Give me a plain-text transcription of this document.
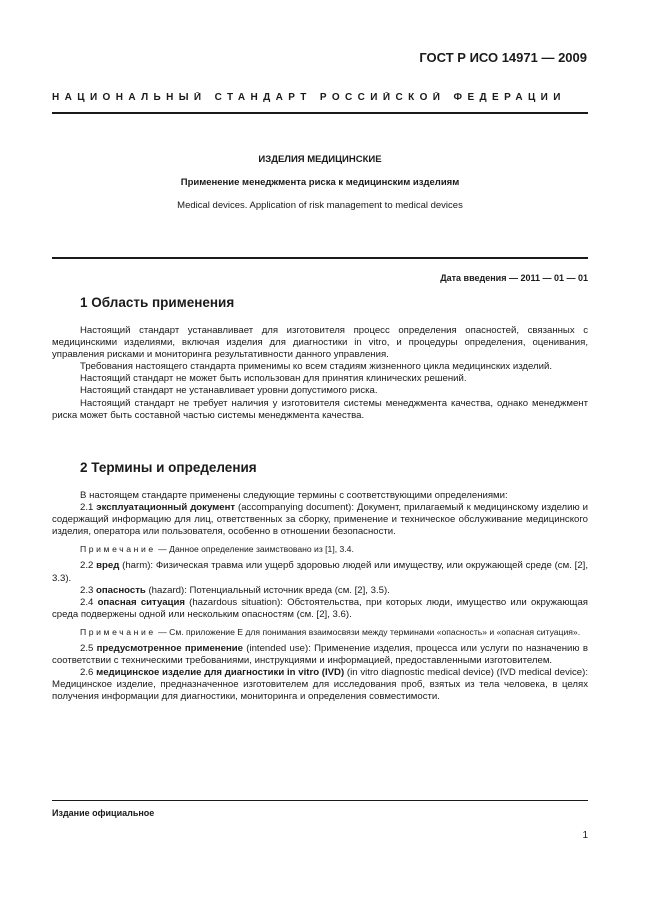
ГОСТ Р ИСО 14971 — 2009
НАЦИОНАЛЬНЫЙ СТАНДАРТ РОССИЙСКОЙ ФЕДЕРАЦИИ
ИЗДЕЛИЯ МЕДИЦИНСКИЕ
Применение менеджмента риска к медицинским изделиям
Medical devices. Application of risk management to medical devices
Дата введения — 2011 — 01 — 01
1 Область применения

Настоящий стандарт устанавливает для изготовителя процесс определения опасностей, связанных с медицинскими изделиями, включая изделия для диагностики in vitro, и процедуры определения, оценивания, управления рисками и мониторинга результативности данного управления.

Требования настоящего стандарта применимы ко всем стадиям жизненного цикла медицинских изделий.

Настоящий стандарт не может быть использован для принятия клинических решений.

Настоящий стандарт не устанавливает уровни допустимого риска.

Настоящий стандарт не требует наличия у изготовителя системы менеджмента качества, однако менеджмент риска может быть составной частью системы менеджмента качества.

2 Термины и определения

В настоящем стандарте применены следующие термины с соответствующими определениями:

2.1 эксплуатационный документ (accompanying document): Документ, прилагаемый к медицинскому изделию и содержащий информацию для лиц, ответственных за сборку, применение и техническое обслуживание медицинского изделия, оператора или пользователя, особенно в отношении безопасности.

Примечание — Данное определение заимствовано из [1], 3.4.

2.2 вред (harm): Физическая травма или ущерб здоровью людей или имуществу, или окружающей среде (см. [2], 3.3).

2.3 опасность (hazard): Потенциальный источник вреда (см. [2], 3.5).

2.4 опасная ситуация (hazardous situation): Обстоятельства, при которых люди, имущество или окружающая среда подвержены одной или нескольким опасностям (см. [2], 3.6).

Примечание — См. приложение Е для понимания взаимосвязи между терминами «опасность» и «опасная ситуация».

2.5 предусмотренное применение (intended use): Применение изделия, процесса или услуги по назначению в соответствии с техническими требованиями, инструкциями и информацией, предоставленными изготовителем.

2.6 медицинское изделие для диагностики in vitro (IVD) (in vitro diagnostic medical device) (IVD medical device): Медицинское изделие, предназначенное изготовителем для исследования проб, взятых из тела человека, в целях получения информации для диагностики, мониторинга и определения совместимости.

Издание официальное
1
